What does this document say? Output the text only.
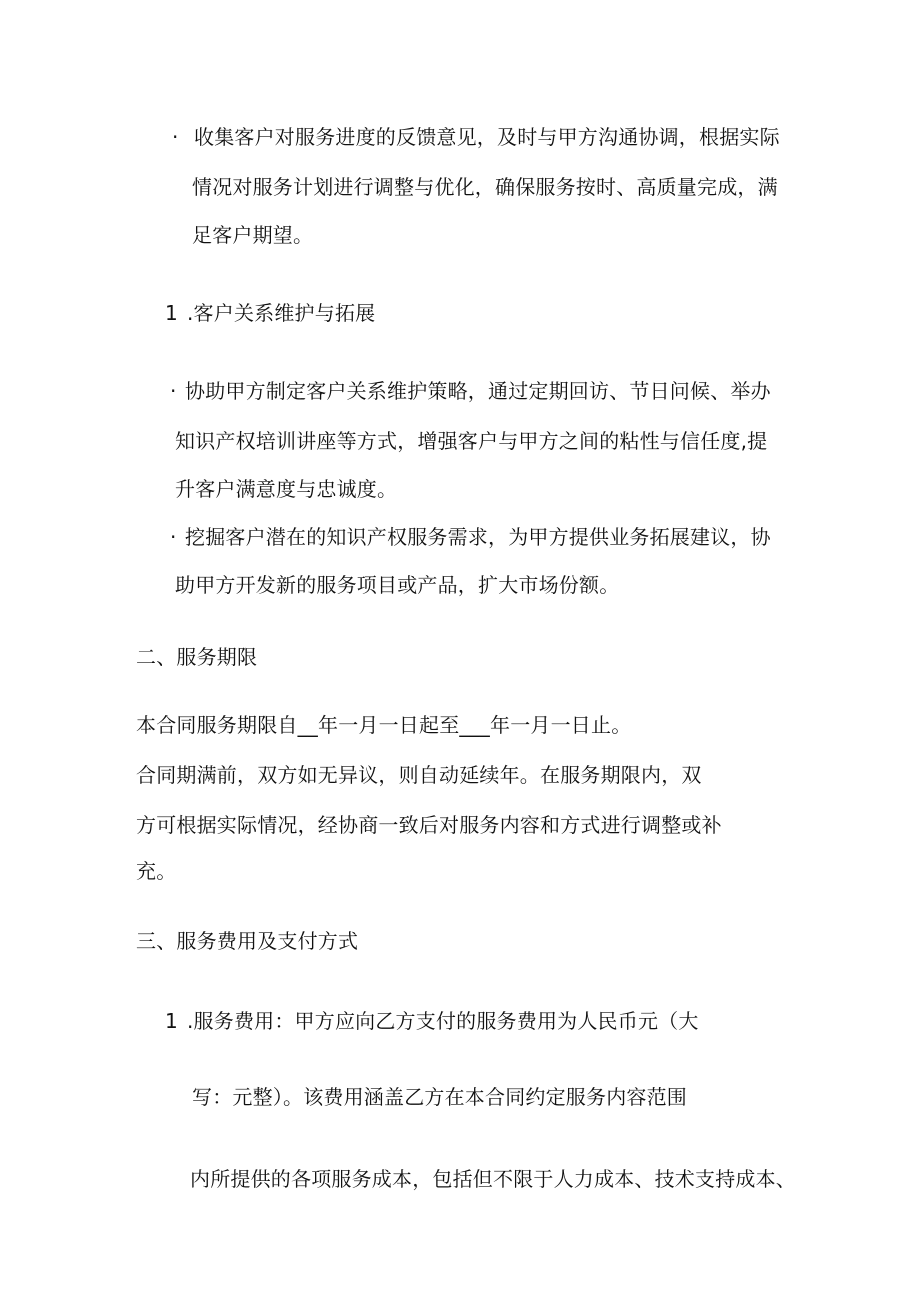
· 收集客户对服务进度的反馈意见，及时与甲方沟通协调，根据实际
情况对服务计划进行调整与优化，确保服务按时、高质量完成，满
足客户期望。
1 .客户关系维护与拓展
· 协助甲方制定客户关系维护策略，通过定期回访、节日问候、举办
知识产权培训讲座等方式，增强客户与甲方之间的粘性与信任度,提
升客户满意度与忠诚度。
· 挖掘客户潜在的知识产权服务需求，为甲方提供业务拓展建议，协
助甲方开发新的服务项目或产品，扩大市场份额。
二、服务期限
本合同服务期限自__年一月一日起至___年一月一日止。
合同期满前，双方如无异议，则自动延续年。在服务期限内，双
方可根据实际情况，经协商一致后对服务内容和方式进行调整或补
充。
三、服务费用及支付方式
1 .服务费用：甲方应向乙方支付的服务费用为人民币元（大
写：元整）。该费用涵盖乙方在本合同约定服务内容范围
内所提供的各项服务成本，包括但不限于人力成本、技术支持成本、
